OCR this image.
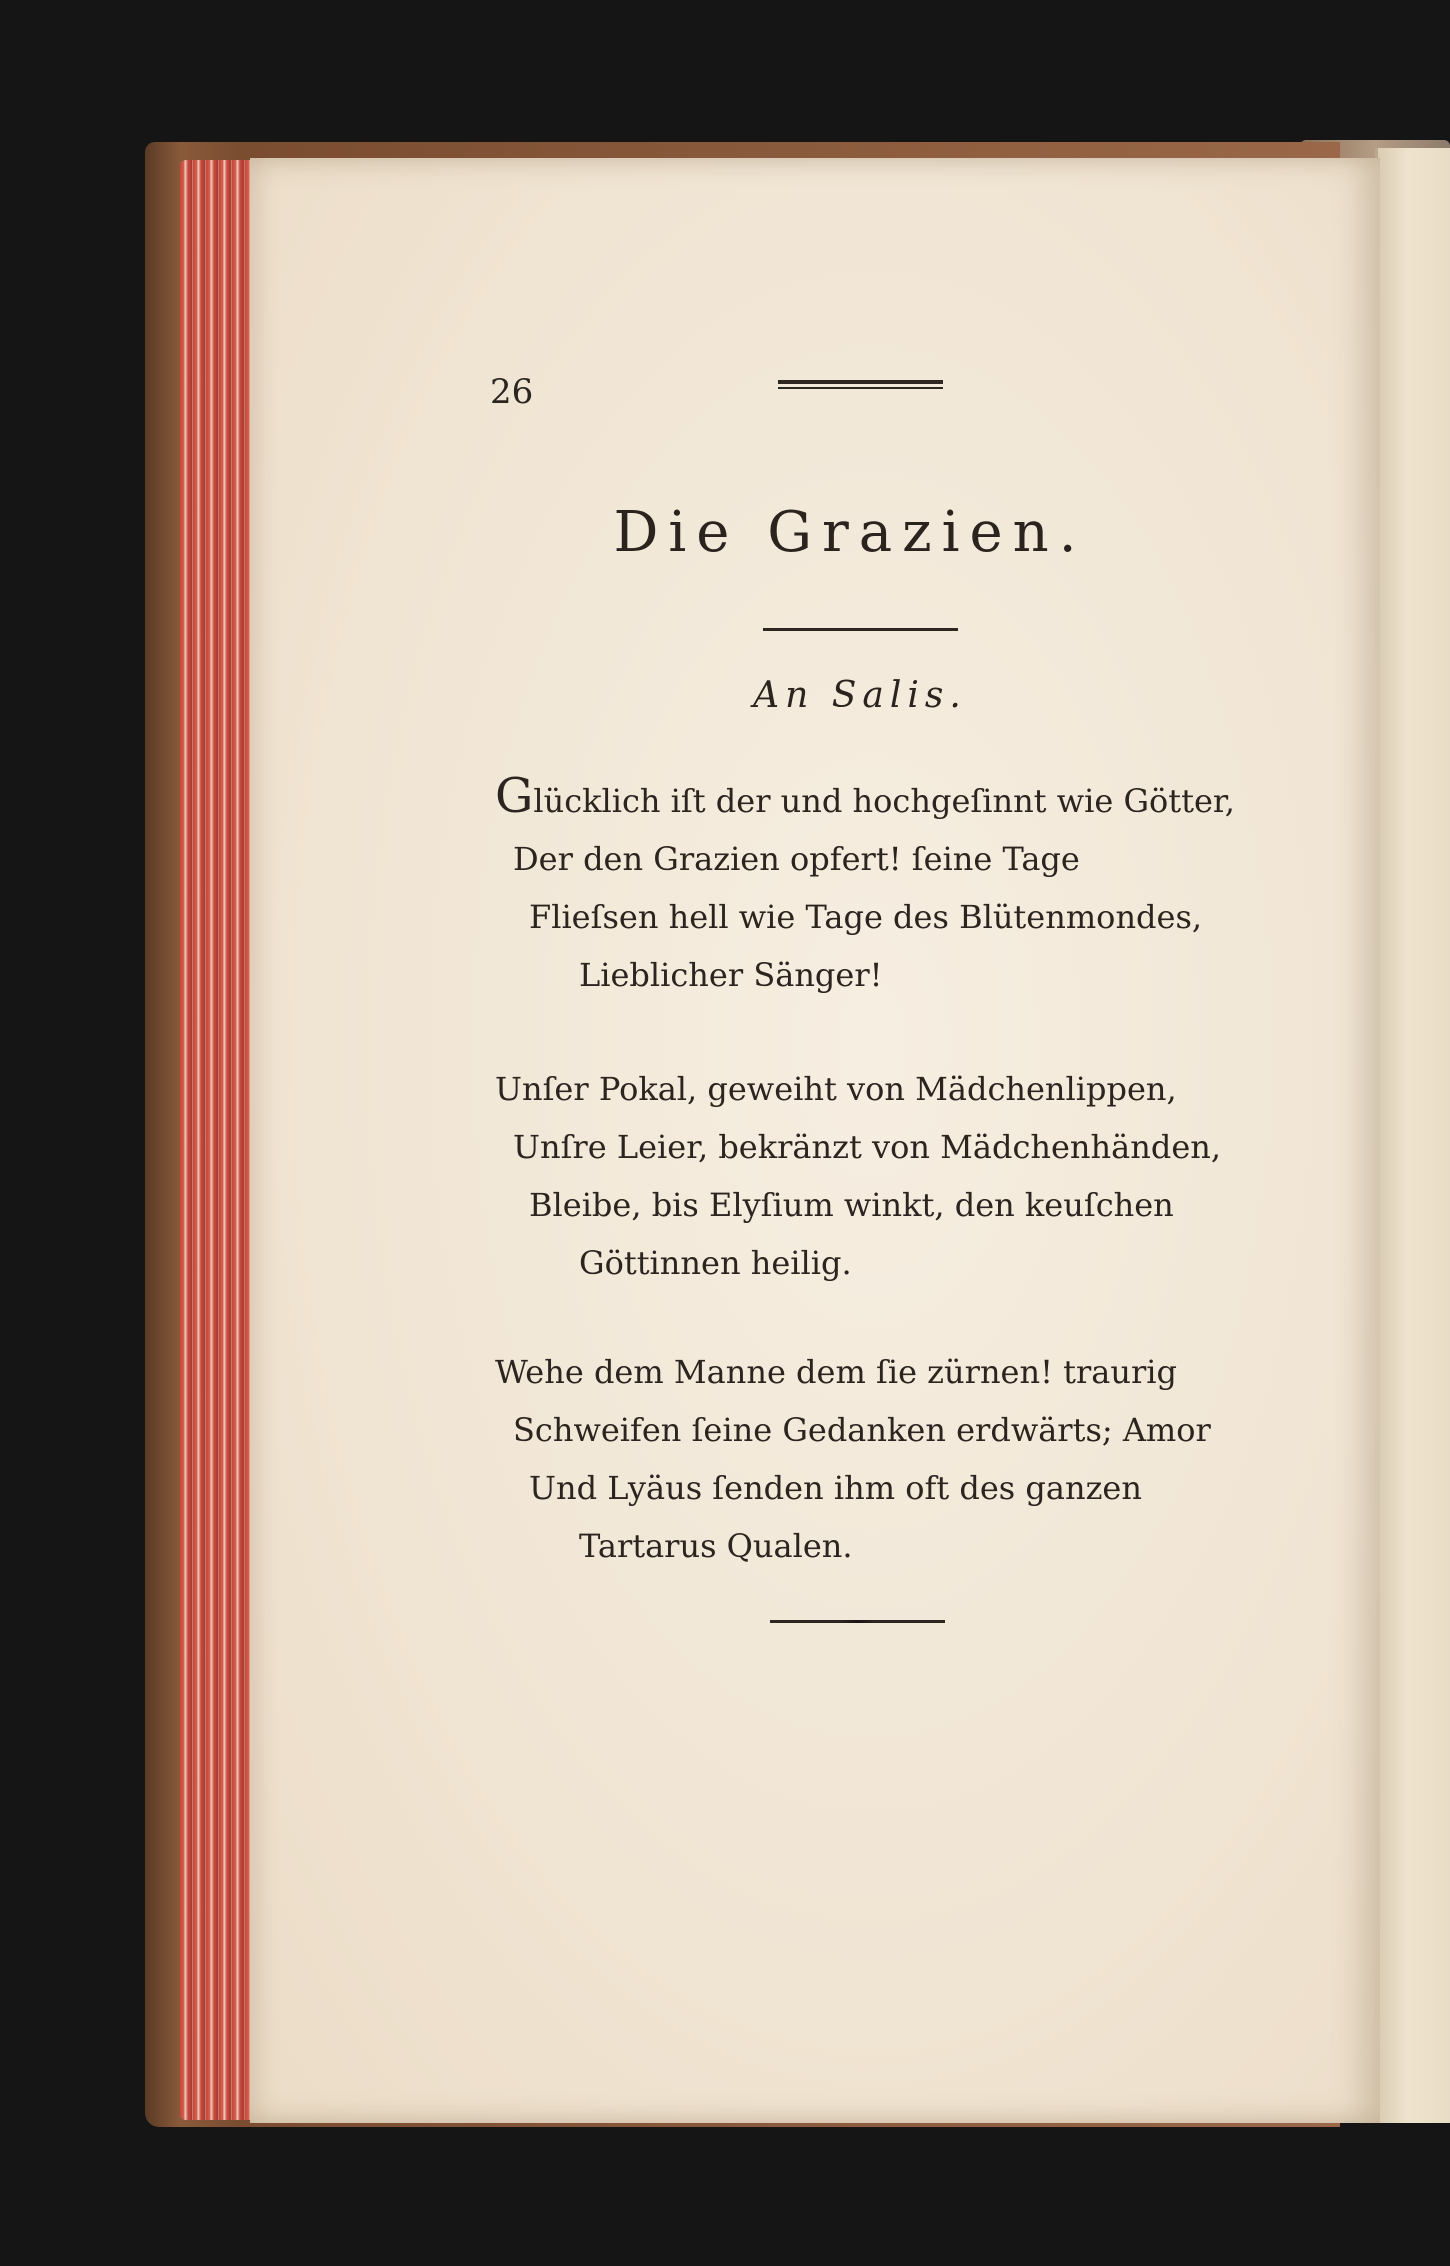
26
Die Grazien.
An Salis.
Glücklich iſt der und hochgeſinnt wie Götter,
Der den Grazien opfert! ſeine Tage
Flieſsen hell wie Tage des Blütenmondes,
Lieblicher Sänger!
Unſer Pokal, geweiht von Mädchenlippen,
Unſre Leier, bekränzt von Mädchenhänden,
Bleibe, bis Elyſium winkt, den keuſchen
Göttinnen heilig.
Wehe dem Manne dem ſie zürnen! traurig
Schweifen ſeine Gedanken erdwärts; Amor
Und Lyäus ſenden ihm oft des ganzen
Tartarus Qualen.
